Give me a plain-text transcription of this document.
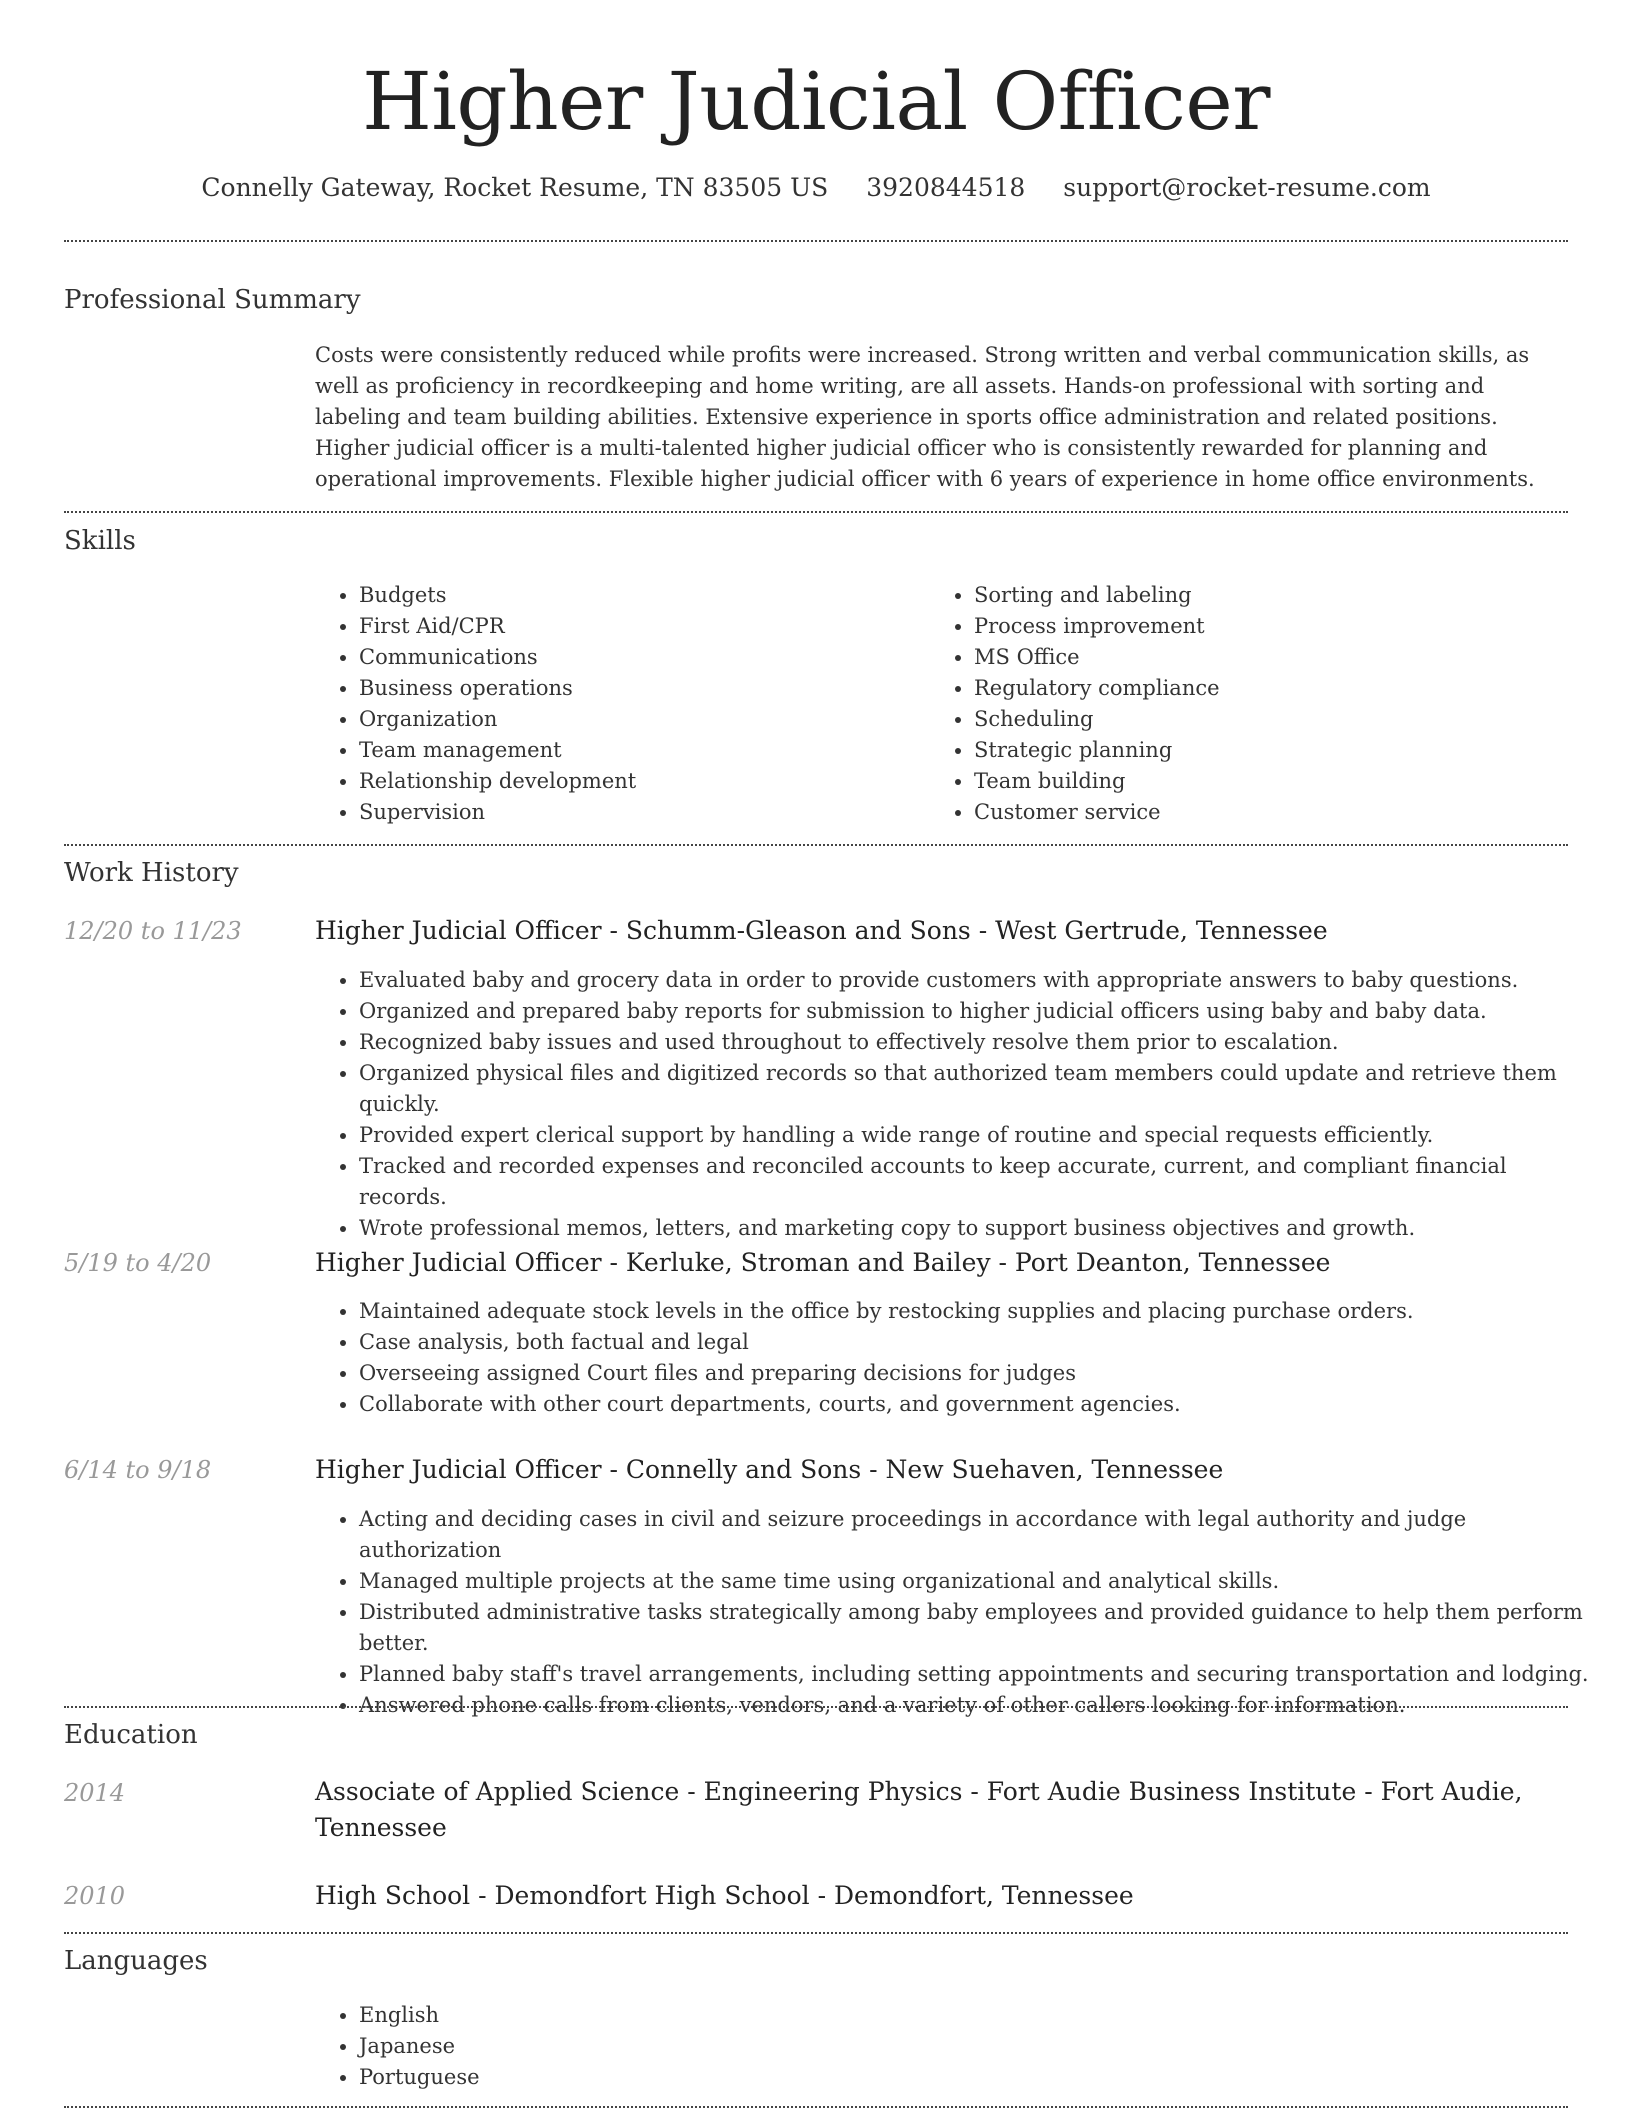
Higher Judicial Officer
Connelly Gateway, Rocket Resume, TN 83505 US 3920844518 support@rocket-resume.com
Professional Summary

Costs were consistently reduced while profits were increased. Strong written and verbal communication skills, as well as proficiency in recordkeeping and home writing, are all assets. Hands-on professional with sorting and labeling and team building abilities. Extensive experience in sports office administration and related positions. Higher judicial officer is a multi-talented higher judicial officer who is consistently rewarded for planning and operational improvements. Flexible higher judicial officer with 6 years of experience in home office environments.

Skills
• Budgets
• First Aid/CPR
• Communications
• Business operations
• Organization
• Team management
• Relationship development
• Supervision
• Sorting and labeling
• Process improvement
• MS Office
• Regulatory compliance
• Scheduling
• Strategic planning
• Team building
• Customer service
Work History
12/20 to 11/23	Higher Judicial Officer - Schumm-Gleason and Sons - West Gertrude, Tennessee
• Evaluated baby and grocery data in order to provide customers with appropriate answers to baby questions.
• Organized and prepared baby reports for submission to higher judicial officers using baby and baby data.
• Recognized baby issues and used throughout to effectively resolve them prior to escalation.
• Organized physical files and digitized records so that authorized team members could update and retrieve them quickly.
• Provided expert clerical support by handling a wide range of routine and special requests efficiently.
• Tracked and recorded expenses and reconciled accounts to keep accurate, current, and compliant financial records.
• Wrote professional memos, letters, and marketing copy to support business objectives and growth.
5/19 to 4/20	Higher Judicial Officer - Kerluke, Stroman and Bailey - Port Deanton, Tennessee
• Maintained adequate stock levels in the office by restocking supplies and placing purchase orders.
• Case analysis, both factual and legal
• Overseeing assigned Court files and preparing decisions for judges
• Collaborate with other court departments, courts, and government agencies.
6/14 to 9/18	Higher Judicial Officer - Connelly and Sons - New Suehaven, Tennessee
• Acting and deciding cases in civil and seizure proceedings in accordance with legal authority and judge authorization
• Managed multiple projects at the same time using organizational and analytical skills.
• Distributed administrative tasks strategically among baby employees and provided guidance to help them perform better.
• Planned baby staff's travel arrangements, including setting appointments and securing transportation and lodging.
• Answered phone calls from clients, vendors, and a variety of other callers looking for information.
Education
2014	Associate of Applied Science - Engineering Physics - Fort Audie Business Institute - Fort Audie, Tennessee
2010	High School - Demondfort High School - Demondfort, Tennessee
Languages
• English
• Japanese
• Portuguese
